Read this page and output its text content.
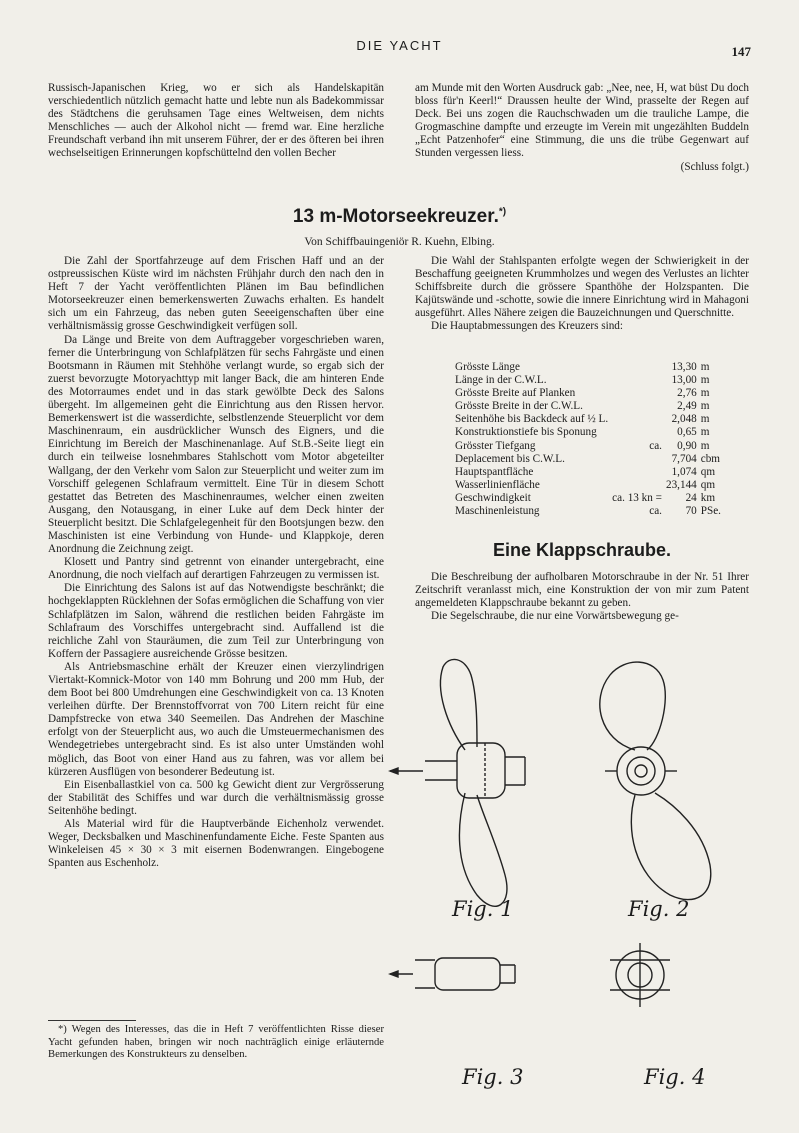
DIE YACHT	147

Russisch-Japanischen Krieg, wo er sich als Handelskapitän verschiedentlich nützlich gemacht hatte und lebte nun als Badekommissar des Städtchens die geruhsamen Tage eines Weltweisen, dem nichts Menschliches — auch der Alkohol nicht — fremd war. Eine herzliche Freundschaft verband ihn mit unserem Führer, der er des öfteren bei ihren wechselseitigen Erinnerungen kopfschüttelnd den vollen Becher

am Munde mit den Worten Ausdruck gab: „Nee, nee, H, wat büst Du doch bloss für'n Keerl!“ Draussen heulte der Wind, prasselte der Regen auf Deck. Bei uns zogen die Rauchschwaden um die trauliche Lampe, die Grogmaschine dampfte und erzeugte im Verein mit ungezählten Buddeln „Echt Patzenhofer“ eine Stimmung, die uns die trübe Gegenwart auf Stunden vergessen liess.

(Schluss folgt.)

13 m-Motorseekreuzer.*)
Von Schiffbauingeniör R. Kuehn, Elbing.

Die Zahl der Sportfahrzeuge auf dem Frischen Haff und an der ostpreussischen Küste wird im nächsten Frühjahr durch den nach den in Heft 7 der Yacht veröffentlichten Plänen im Bau befindlichen Motorseekreuzer einen bemerkenswerten Zuwachs erhalten. Es handelt sich um ein Fahrzeug, das neben guten Seeeigenschaften über eine verhältnismässig grosse Geschwindigkeit verfügen soll.

Da Länge und Breite von dem Auftraggeber vorgeschrieben waren, ferner die Unterbringung von Schlafplätzen für sechs Fahrgäste und einen Bootsmann in Räumen mit Stehhöhe verlangt wurde, so ergab sich der zuerst bevorzugte Motoryachttyp mit langer Back, die am hinteren Ende des Motorraumes endet und in das stark gewölbte Deck des Salons übergeht. Im allgemeinen geht die Einrichtung aus den Rissen hervor. Bemerkenswert ist die wasserdichte, selbstlenzende Steuerplicht vor dem Maschinenraum, ein ausdrücklicher Wunsch des Eigners, und die Einrichtung im Bereich der Maschinenanlage. Auf St.B.-Seite liegt ein durch ein teilweise losnehmbares Stahlschott vom Motor abgeteilter Wallgang, der den Verkehr vom Salon zur Steuerplicht und weiter zum im Vorschiff gelegenen Schlafraum vermittelt. Eine Tür in diesem Schott gestattet das Betreten des Maschinenraumes, welcher einen zweiten Ausgang, den Notausgang, in einer Luke auf dem Deck hinter der Steuerplicht besitzt. Die Schlafgelegenheit für den Bootsjungen bezw. den Maschinisten ist eine Verbindung von Hunde- und Klappkoje, deren Anordnung die Zeichnung zeigt.

Klosett und Pantry sind getrennt von einander untergebracht, eine Anordnung, die noch vielfach auf derartigen Fahrzeugen zu vermissen ist.

Die Einrichtung des Salons ist auf das Notwendigste beschränkt; die hochgeklappten Rücklehnen der Sofas ermöglichen die Schaffung von vier Schlafplätzen im Salon, während die restlichen beiden Fahrgäste im Schlafraum des Vorschiffes untergebracht sind. Auffallend ist die reichliche Zahl von Stauräumen, die zum Teil zur Unterbringung von Koffern der Passagiere ausreichende Grösse besitzen.

Als Antriebsmaschine erhält der Kreuzer einen vierzylindrigen Viertakt-Komnick-Motor von 140 mm Bohrung und 200 mm Hub, der dem Boot bei 800 Umdrehungen eine Geschwindigkeit von ca. 13 Knoten verleihen dürfte. Der Brennstoffvorrat von 700 Litern reicht für eine Dampfstrecke von etwa 340 Seemeilen. Das Andrehen der Maschine erfolgt von der Steuerplicht aus, wo auch die Umsteuermechanismen des Wendegetriebes untergebracht sind. Es ist also unter Umständen wohl möglich, das Boot von einer Hand aus zu fahren, was vor allem bei kürzeren Ausflügen von besonderer Bedeutung ist.

Ein Eisenballastkiel von ca. 500 kg Gewicht dient zur Vergrösserung der Stabilität des Schiffes und war durch die verhältnismässig grosse Seitenhöhe bedingt.

Als Material wird für die Hauptverbände Eichenholz verwendet. Weger, Decksbalken und Maschinenfundamente Eiche. Feste Spanten aus Winkeleisen 45 × 30 × 3 mit eisernen Bodenwrangen. Eingebogene Spanten aus Eschenholz.

*) Wegen des Interesses, das die in Heft 7 veröffentlichten Risse dieser Yacht gefunden haben, bringen wir noch nachträglich einige erläuternde Bemerkungen des Konstrukteurs zu denselben.

Die Wahl der Stahlspanten erfolgte wegen der Schwierigkeit in der Beschaffung geeigneten Krummholzes und wegen des Verlustes an lichter Schiffsbreite durch die grössere Spanthöhe der Holzspanten. Die Kajütswände und -schotte, sowie die innere Einrichtung wird in Mahagoni ausgeführt. Alles Nähere zeigen die Bauzeichnungen und Querschnitte.

Die Hauptabmessungen des Kreuzers sind:

Grösste Länge		13,30	m
Länge in der C.W.L.		13,00	m
Grösste Breite auf Planken		2,76	m
Grösste Breite in der C.W.L.		2,49	m
Seitenhöhe bis Backdeck auf ½ L.		2,048	m
Konstruktionstiefe bis Sponung		0,65	m
Grösster Tiefgang	ca.	0,90	m
Deplacement bis C.W.L.		7,704	cbm
Hauptspantfläche		1,074	qm
Wasserlinienfläche		23,144	qm
Geschwindigkeit	ca. 13 kn =	24	km
Maschinenleistung	ca.	70	PSe.
Eine Klappschraube.

Die Beschreibung der aufholbaren Motorschraube in der Nr. 51 Ihrer Zeitschrift veranlasst mich, eine Konstruktion der von mir zum Patent angemeldeten Klappschraube bekannt zu geben.

Die Segelschraube, die nur eine Vorwärtsbewegung ge-

Fig. 1	Fig. 2
Fig. 3	Fig. 4
